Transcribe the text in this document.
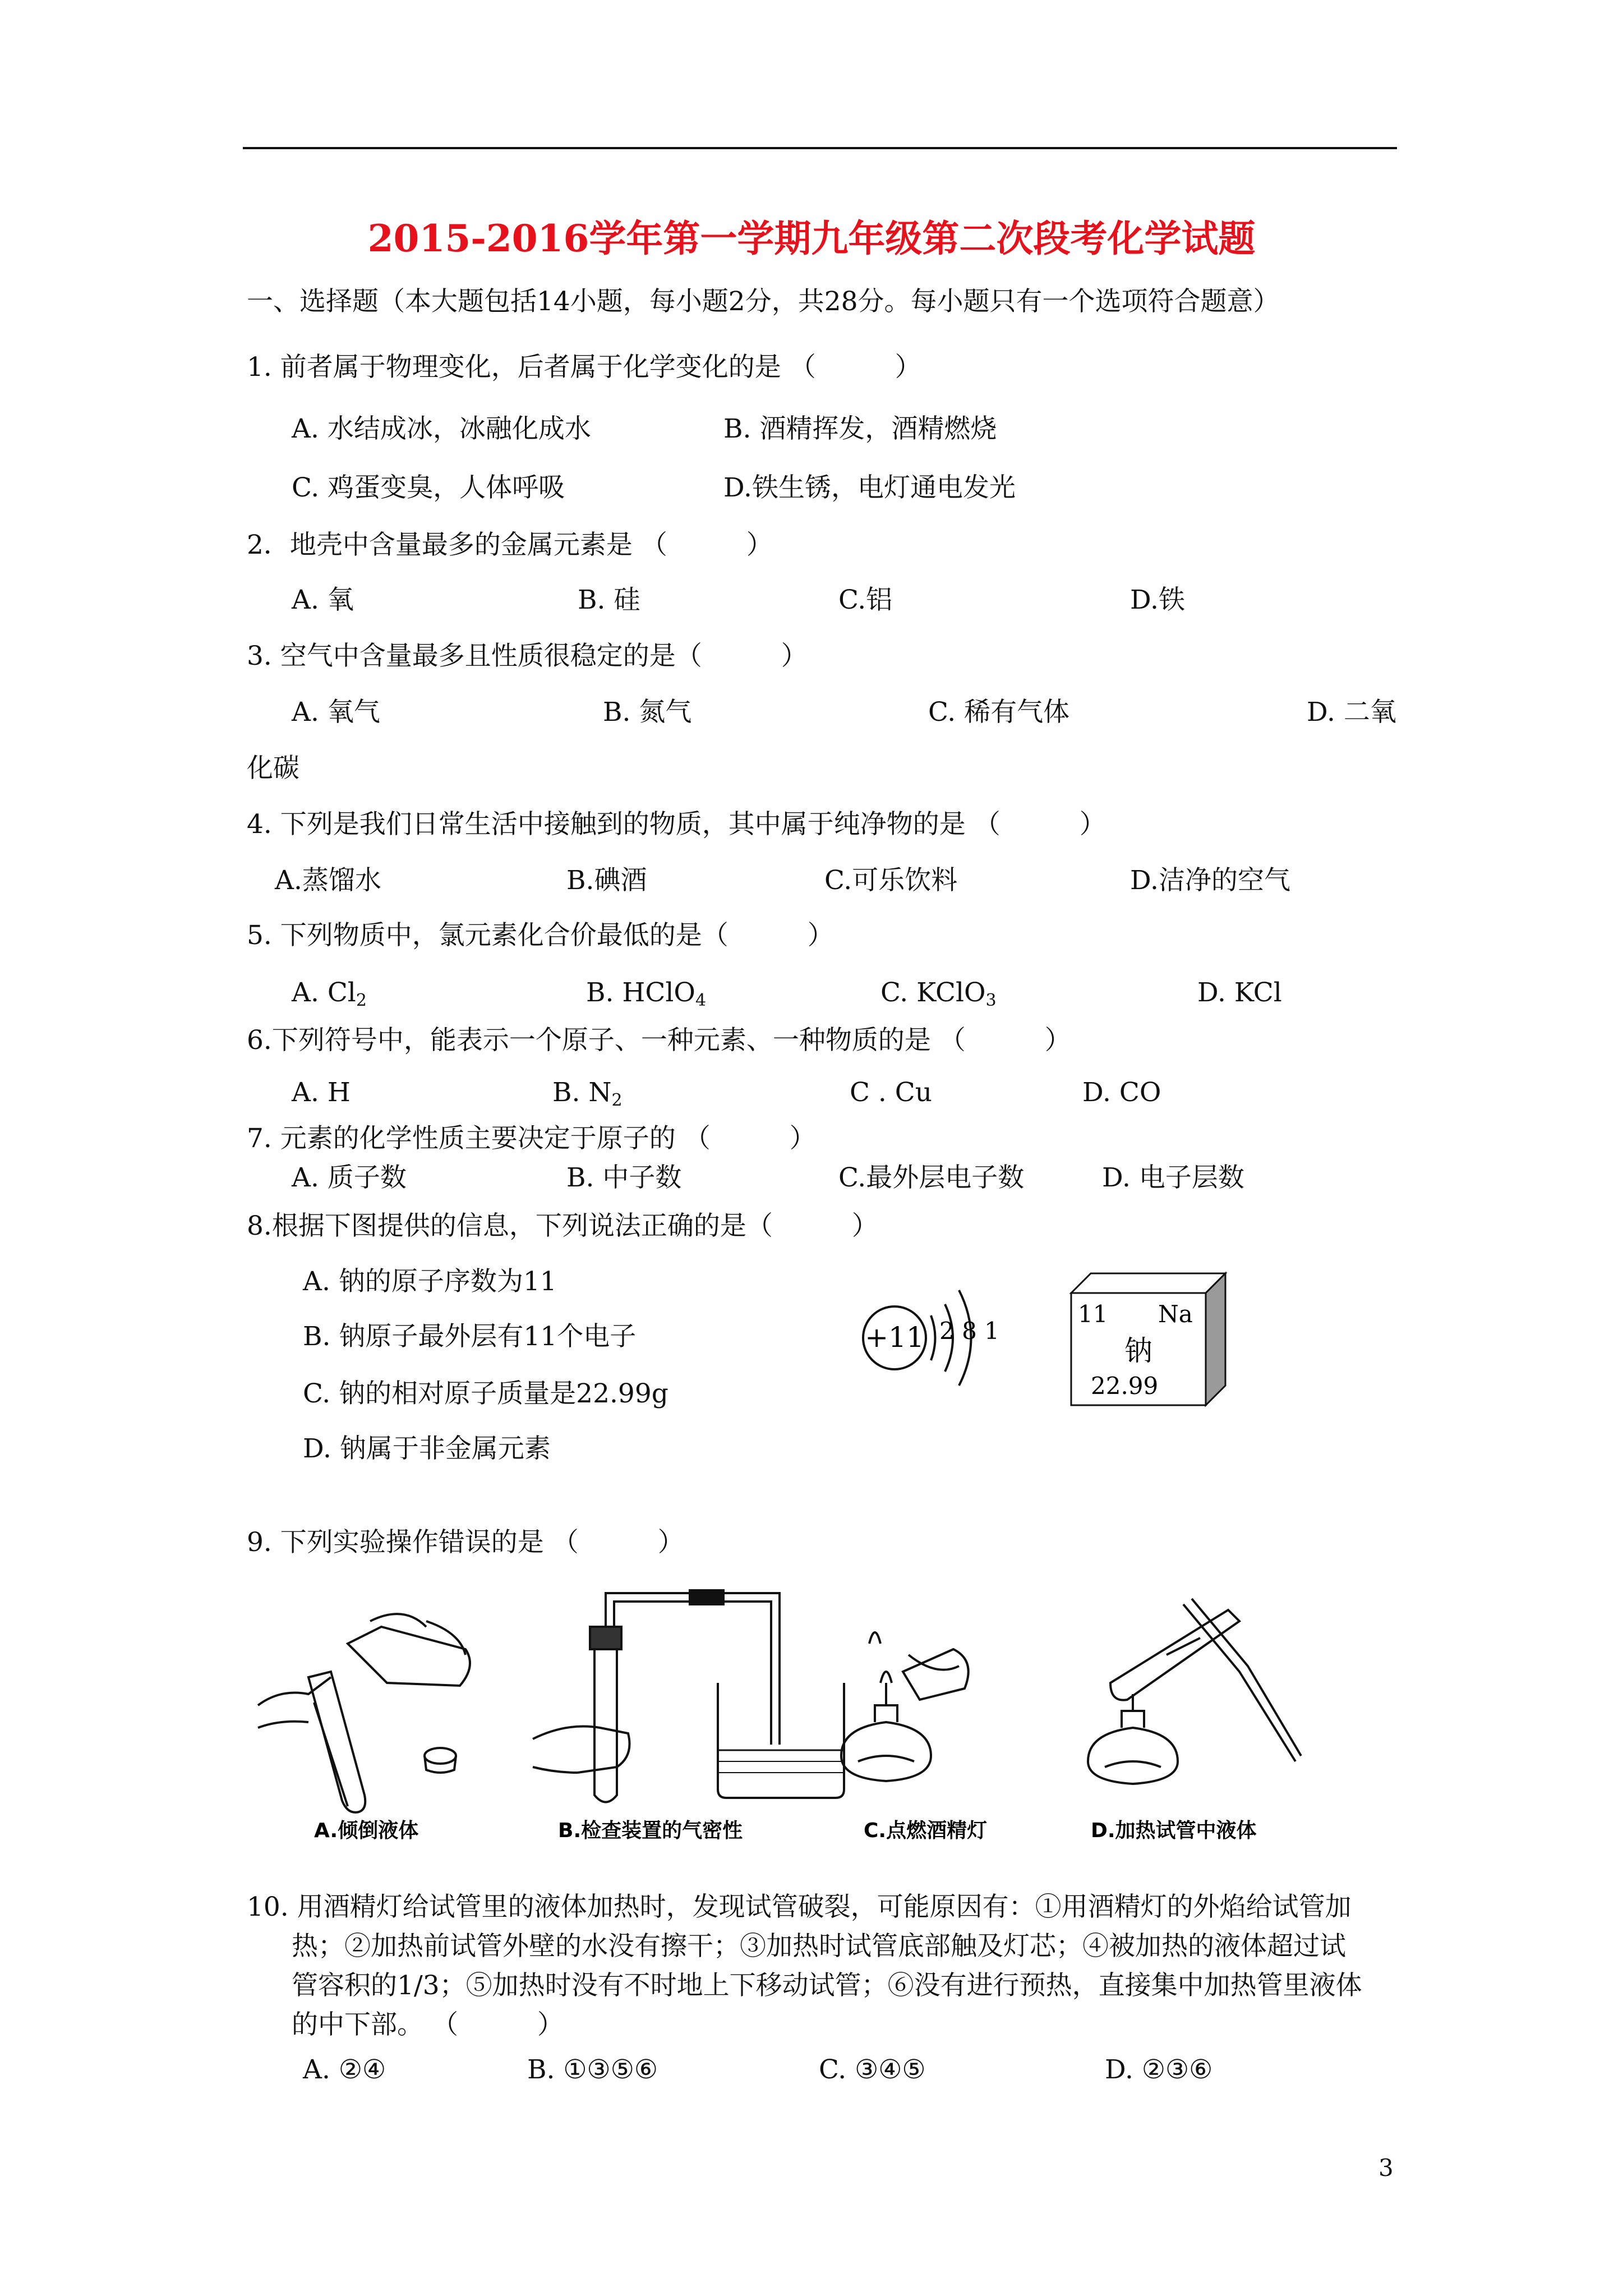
2015-2016学年第一学期九年级第二次段考化学试题
一、选择题（本大题包括14小题，每小题2分，共28分。每小题只有一个选项符合题意）
1. 前者属于物理变化，后者属于化学变化的是 （　　　）
A. 水结成冰，冰融化成水	B. 酒精挥发，酒精燃烧
C. 鸡蛋变臭，人体呼吸	D.铁生锈，电灯通电发光
2．地壳中含量最多的金属元素是 （　　　）
A. 氧	B. 硅	C.铝	D.铁
3. 空气中含量最多且性质很稳定的是（　　　）
A. 氧气	B. 氮气	C. 稀有气体	D. 二氧
化碳
4. 下列是我们日常生活中接触到的物质，其中属于纯净物的是 （　　　）
A.蒸馏水	B.碘酒	C.可乐饮料	D.洁净的空气
5. 下列物质中，氯元素化合价最低的是（　　　）
A. $Cl_2$	B. HClO$_4$	C. KClO$_3$	D. KCl
6.下列符号中，能表示一个原子、一种元素、一种物质的是 （　　　）
A. H	B. $N_2$	C . Cu	D. CO
7. 元素的化学性质主要决定于原子的 （　　　）
A. 质子数	B. 中子数	C.最外层电子数	D. 电子层数
8.根据下图提供的信息，下列说法正确的是（　　　）
A. 钠的原子序数为11
B. 钠原子最外层有11个电子
C. 钠的相对原子质量是22.99g
D. 钠属于非金属元素
+11 2 8 1
11 Na
钠
22.99
9. 下列实验操作错误的是 （　　　）
A.倾倒液体	B.检查装置的气密性	C.点燃酒精灯	D.加热试管中液体
10. 用酒精灯给试管里的液体加热时，发现试管破裂，可能原因有：①用酒精灯的外焰给试管加
热；②加热前试管外壁的水没有擦干；③加热时试管底部触及灯芯；④被加热的液体超过试
管容积的1/3；⑤加热时没有不时地上下移动试管；⑥没有进行预热，直接集中加热管里液体
的中下部。 （　　　）
A. ②④	B. ①③⑤⑥	C. ③④⑤	D. ②③⑥
3
